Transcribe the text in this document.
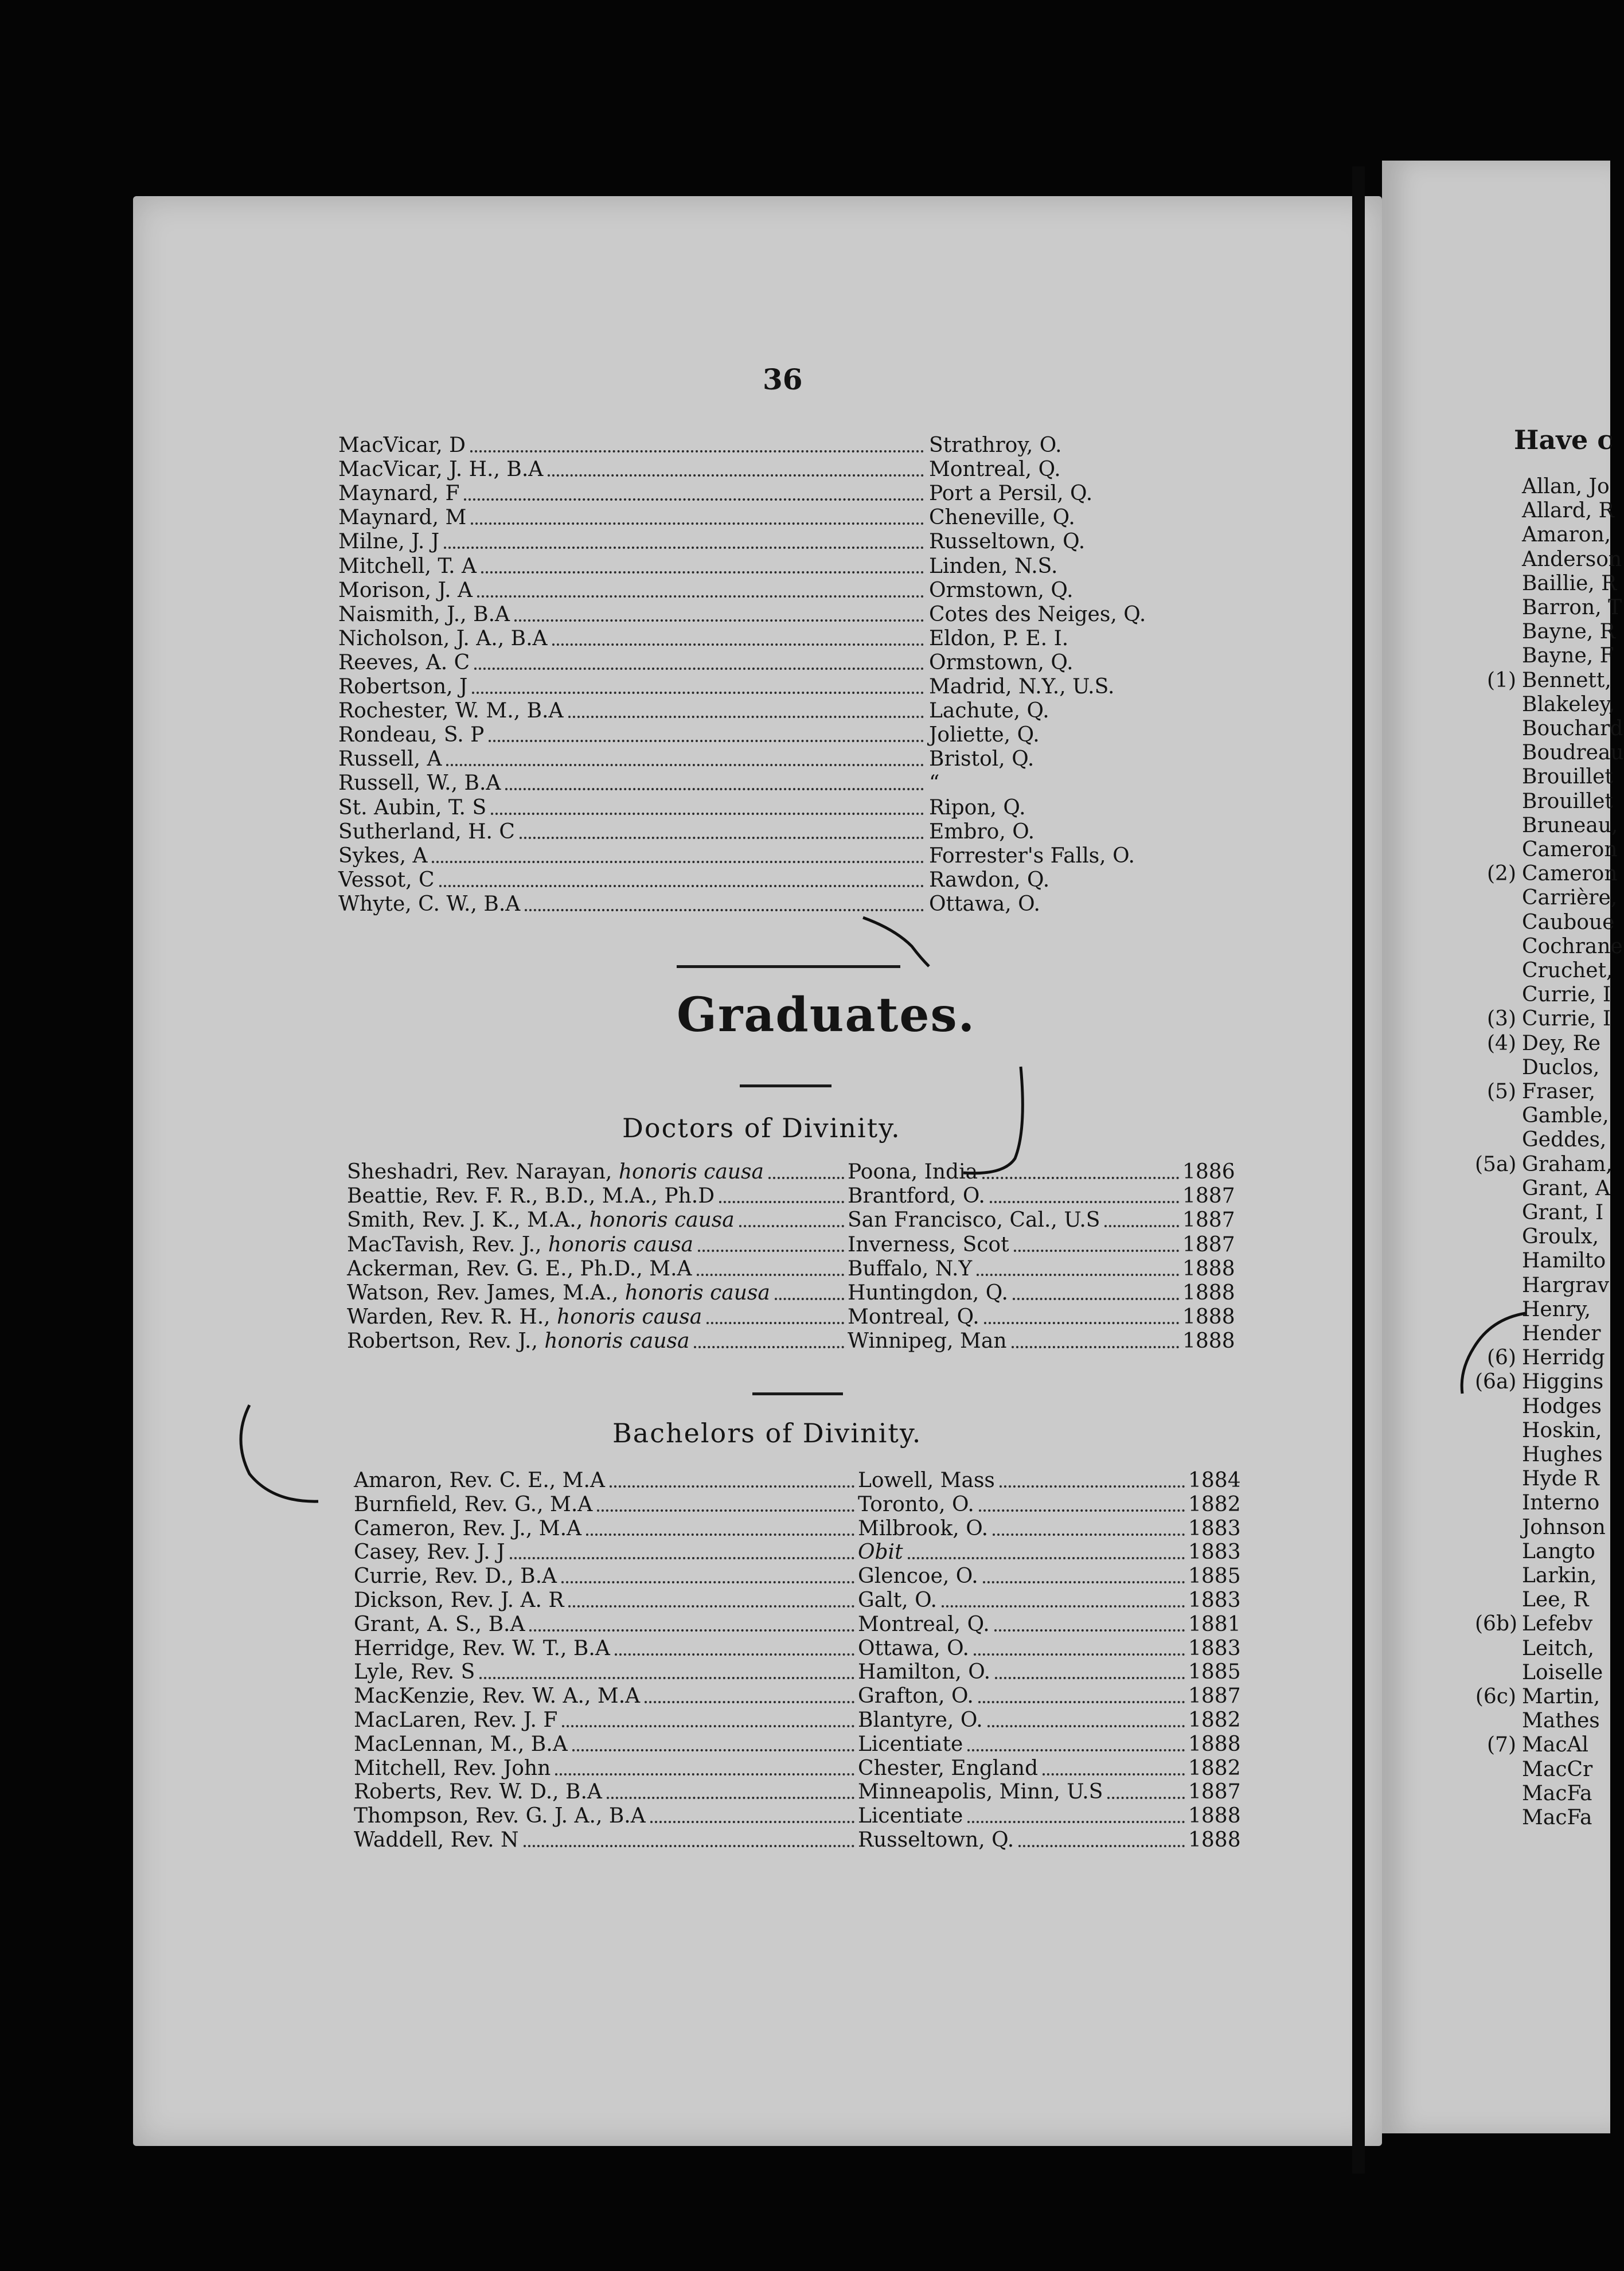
36
MacVicar, D	Strathroy, O.
MacVicar, J. H., B.A	Montreal, Q.
Maynard, F	Port a Persil, Q.
Maynard, M	Cheneville, Q.
Milne, J. J	Russeltown, Q.
Mitchell, T. A	Linden, N.S.
Morison, J. A	Ormstown, Q.
Naismith, J., B.A	Cotes des Neiges, Q.
Nicholson, J. A., B.A	Eldon, P. E. I.
Reeves, A. C	Ormstown, Q.
Robertson, J	Madrid, N.Y., U.S.
Rochester, W. M., B.A	Lachute, Q.
Rondeau, S. P	Joliette, Q.
Russell, A	Bristol, Q.
Russell, W., B.A	“
St. Aubin, T. S	Ripon, Q.
Sutherland, H. C	Embro, O.
Sykes, A	Forrester's Falls, O.
Vessot, C	Rawdon, Q.
Whyte, C. W., B.A	Ottawa, O.
Graduates.
Doctors of Divinity.
Sheshadri, Rev. Narayan, honoris causa	Poona, India	1886
Beattie, Rev. F. R., B.D., M.A., Ph.D	Brantford, O.	1887
Smith, Rev. J. K., M.A., honoris causa	San Francisco, Cal., U.S	1887
MacTavish, Rev. J., honoris causa	Inverness, Scot	1887
Ackerman, Rev. G. E., Ph.D., M.A	Buffalo, N.Y	1888
Watson, Rev. James, M.A., honoris causa	Huntingdon, Q.	1888
Warden, Rev. R. H., honoris causa	Montreal, Q.	1888
Robertson, Rev. J., honoris causa	Winnipeg, Man	1888
Bachelors of Divinity.
Amaron, Rev. C. E., M.A	Lowell, Mass	1884
Burnfield, Rev. G., M.A	Toronto, O.	1882
Cameron, Rev. J., M.A	Milbrook, O.	1883
Casey, Rev. J. J	Obit	1883
Currie, Rev. D., B.A	Glencoe, O.	1885
Dickson, Rev. J. A. R	Galt, O.	1883
Grant, A. S., B.A	Montreal, Q.	1881
Herridge, Rev. W. T., B.A	Ottawa, O.	1883
Lyle, Rev. S	Hamilton, O.	1885
MacKenzie, Rev. W. A., M.A	Grafton, O.	1887
MacLaren, Rev. J. F	Blantyre, O.	1882
MacLennan, M., B.A	Licentiate	1888
Mitchell, Rev. John	Chester, England	1882
Roberts, Rev. W. D., B.A	Minneapolis, Minn, U.S	1887
Thompson, Rev. G. J. A., B.A	Licentiate	1888
Waddell, Rev. N	Russeltown, Q.	1888
Have c
Allan, Jo
Allard, R
Amaron,
Anderson
Baillie, R
Barron, T
Bayne, R
Bayne, F
(1) Bennett,
Blakeley,
Bouchard
Boudreau
Brouillet
Brouillet
Bruneau,
Cameron
(2) Cameron
Carrière,
Cauboue
Cochrane
Cruchet,
Currie, I
(3) Currie, I
(4) Dey, Re
Duclos,
(5) Fraser,
Gamble,
Geddes,
(5a) Graham,
Grant, A
Grant, I
Groulx,
Hamilto
Hargrav
Henry,
Hender
(6) Herridg
(6a) Higgins
Hodges
Hoskin,
Hughes
Hyde R
Interno
Johnson
Langto
Larkin,
Lee, R
(6b) Lefebv
Leitch,
Loiselle
(6c) Martin,
Mathes
(7) MacAl
MacCr
MacFa
MacFa
